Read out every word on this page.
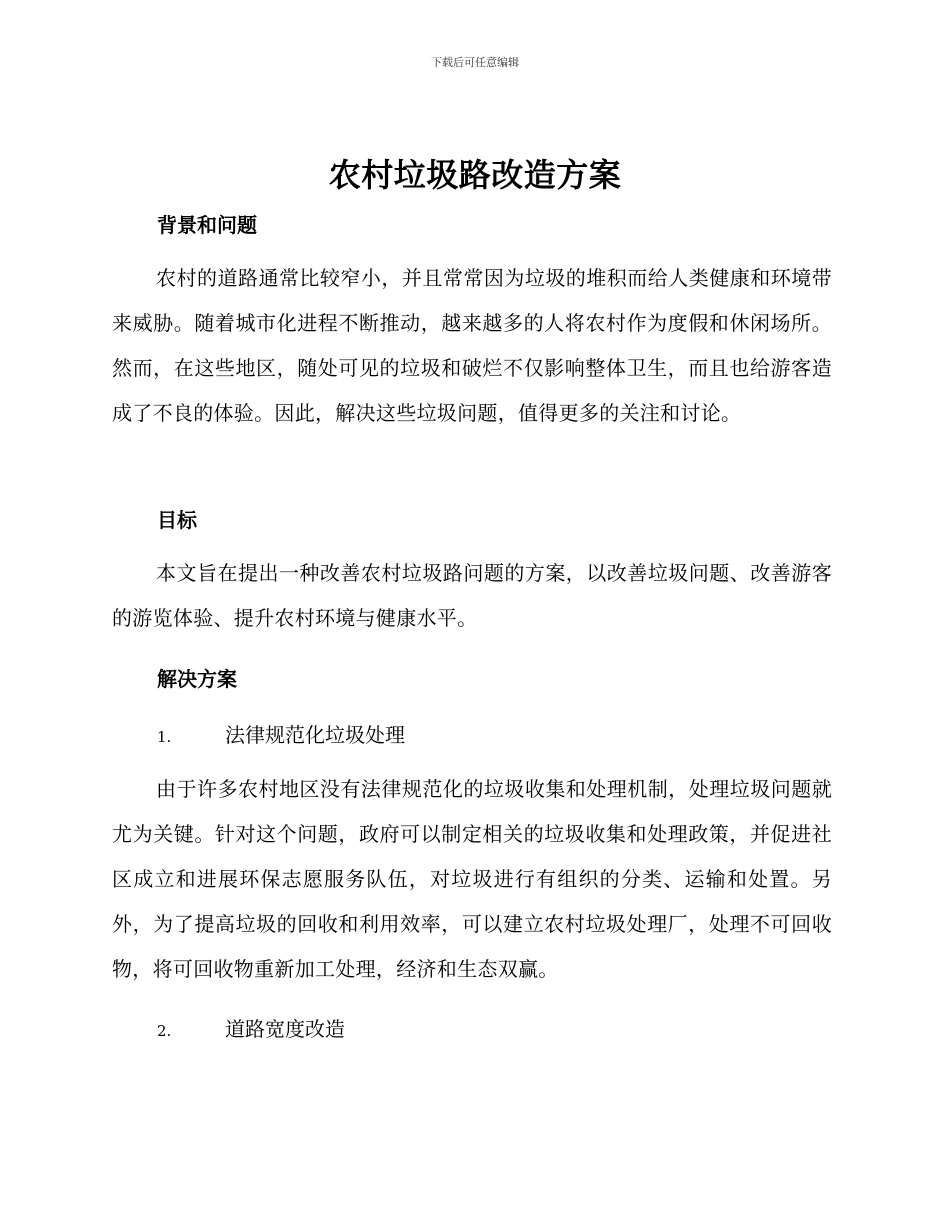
下载后可任意编辑
农村垃圾路改造方案
背景和问题
农村的道路通常比较窄小，并且常常因为垃圾的堆积而给人类健康和环境带来威胁。随着城市化进程不断推动，越来越多的人将农村作为度假和休闲场所。然而，在这些地区，随处可见的垃圾和破烂不仅影响整体卫生，而且也给游客造成了不良的体验。因此，解决这些垃圾问题，值得更多的关注和讨论。
目标
本文旨在提出一种改善农村垃圾路问题的方案，以改善垃圾问题、改善游客的游览体验、提升农村环境与健康水平。
解决方案
1.	法律规范化垃圾处理
由于许多农村地区没有法律规范化的垃圾收集和处理机制，处理垃圾问题就尤为关键。针对这个问题，政府可以制定相关的垃圾收集和处理政策，并促进社区成立和进展环保志愿服务队伍，对垃圾进行有组织的分类、运输和处置。另外，为了提高垃圾的回收和利用效率，可以建立农村垃圾处理厂，处理不可回收物，将可回收物重新加工处理，经济和生态双赢。
2.	道路宽度改造
